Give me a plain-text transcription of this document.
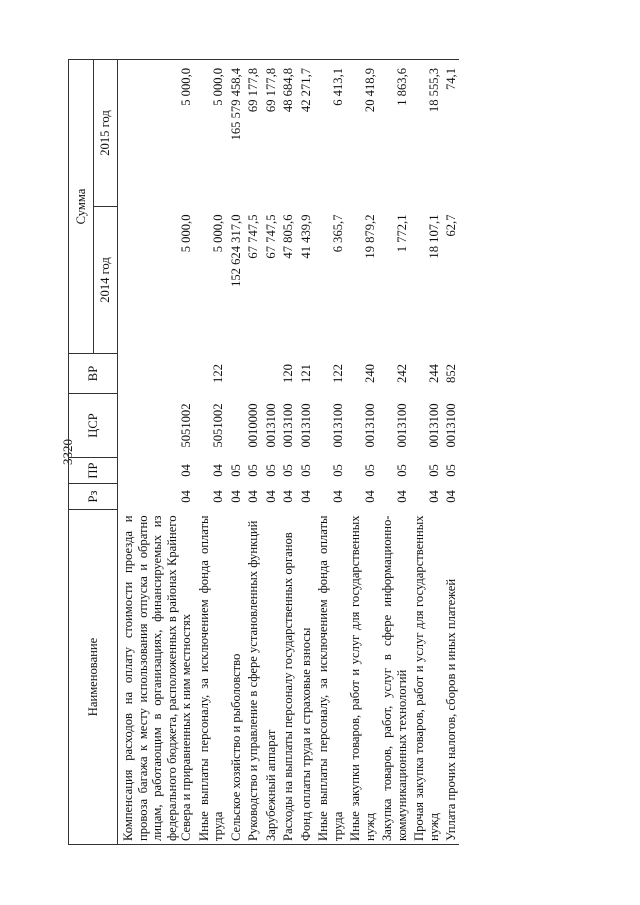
3320
Наименование	Рз	ПР	ЦСР	ВР	Сумма	
					2014 год	2015 год
Компенсация расходов на оплату стоимости проезда и провоза багажа к месту использования отпуска и обратно лицам, работающим в организациях, финансируемых из федерального бюджета, расположенных в районах Крайнего Севера и приравненных к ним местностях	04	04	5051002		5 000,0	5 000,0
Иные выплаты персоналу, за исключением фонда оплаты труда	04	04	5051002	122	5 000,0	5 000,0
Сельское хозяйство и рыболовство	04	05			152 624 317,0	165 579 458,4
Руководство и управление в сфере установленных функций	04	05	0010000		67 747,5	69 177,8
Зарубежный аппарат	04	05	0013100		67 747,5	69 177,8
Расходы на выплаты персоналу государственных органов	04	05	0013100	120	47 805,6	48 684,8
Фонд оплаты труда и страховые взносы	04	05	0013100	121	41 439,9	42 271,7
Иные выплаты персоналу, за исключением фонда оплаты труда	04	05	0013100	122	6 365,7	6 413,1
Иные закупки товаров, работ и услуг для государственных нужд	04	05	0013100	240	19 879,2	20 418,9
Закупка товаров, работ, услуг в сфере информационно-коммуникационных технологий	04	05	0013100	242	1 772,1	1 863,6
Прочая закупка товаров, работ и услуг для государственных нужд	04	05	0013100	244	18 107,1	18 555,3
Уплата прочих налогов, сборов и иных платежей	04	05	0013100	852	62,7	74,1
